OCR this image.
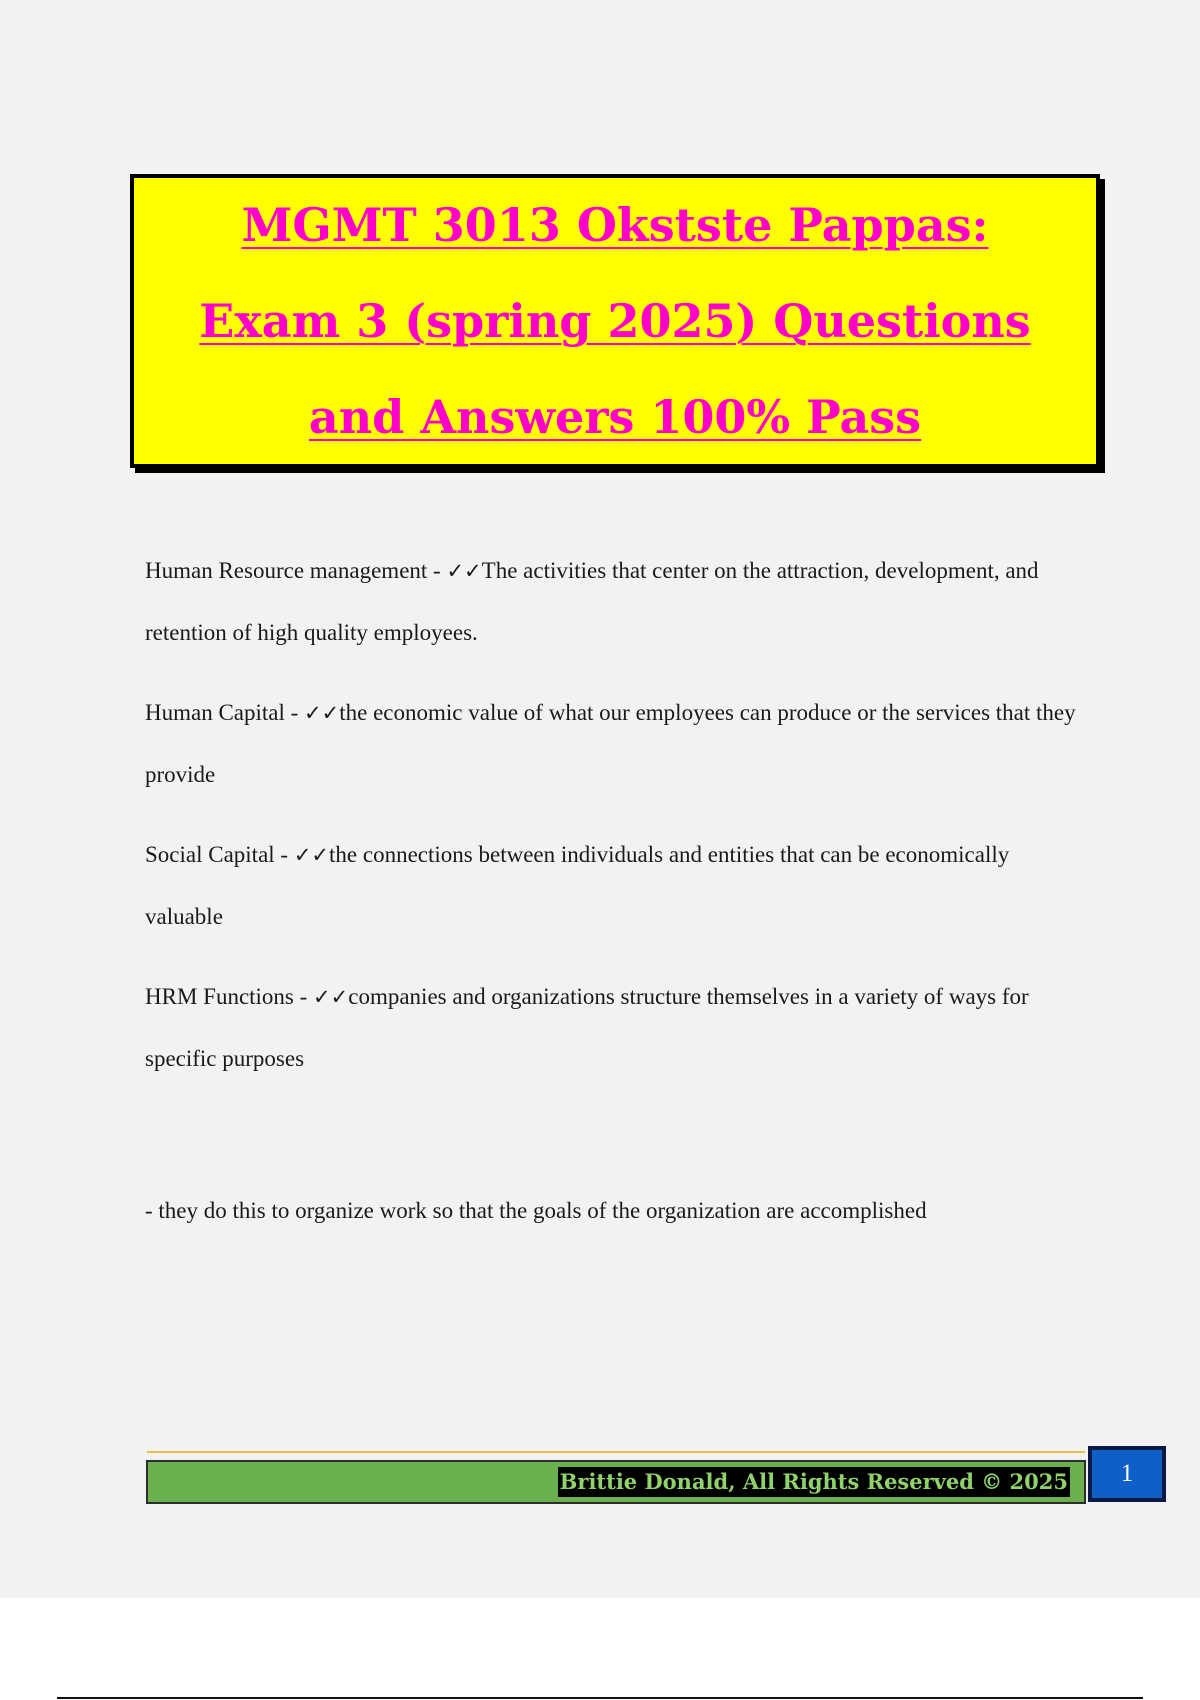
MGMT 3013 Okstste Pappas: Exam 3 (spring 2025) Questions and Answers 100% Pass

Human Resource management - ✓✓The activities that center on the attraction, development, and retention of high quality employees.

Human Capital - ✓✓the economic value of what our employees can produce or the services that they provide

Social Capital - ✓✓the connections between individuals and entities that can be economically valuable

HRM Functions - ✓✓companies and organizations structure themselves in a variety of ways for specific purposes

- they do this to organize work so that the goals of the organization are accomplished
Brittie Donald, All Rights Reserved © 2025	1
